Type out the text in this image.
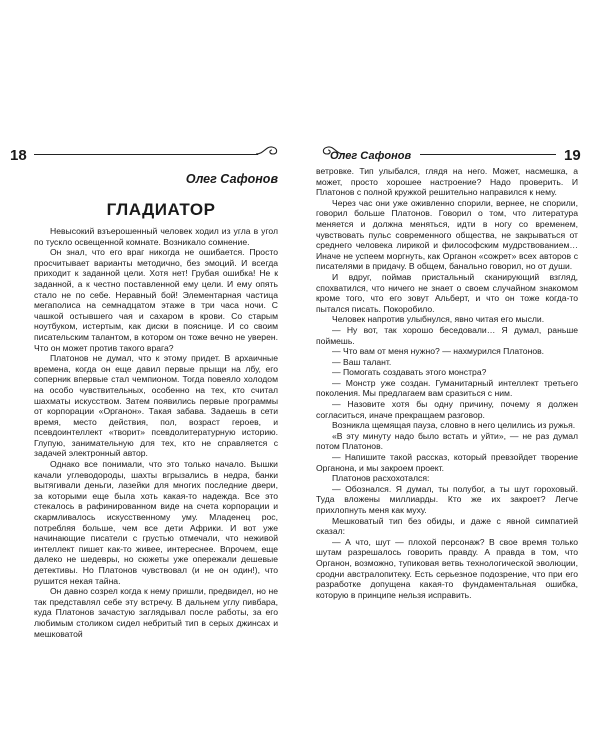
18
Олег Сафонов
ГЛАДИАТОР

Невысокий взъерошенный человек ходил из угла в угол по тускло освещенной комнате. Возникало сомнение.

Он знал, что его враг никогда не ошибается. Просто просчитывает варианты методично, без эмоций. И всегда приходит к заданной цели. Хотя нет! Грубая ошибка! Не к заданной, а к честно поставленной ему цели. И ему опять стало не по себе. Неравный бой! Элементарная частица мегаполиса на семнадцатом этаже в три часа ночи. С чашкой остывшего чая и сахаром в крови. Со старым ноутбуком, истертым, как диски в пояснице. И со своим писательским талантом, в котором он тоже вечно не уверен. Что он может против такого врага?

Платонов не думал, что к этому придет. В архаичные времена, когда он еще давил первые прыщи на лбу, его соперник впервые стал чемпионом. Тогда повеяло холодом на особо чувствительных, особенно на тех, кто считал шахматы искусством. Затем появились первые программы от корпорации «Органон». Такая забава. Задаешь в сети время, место действия, пол, возраст героев, и псевдоинтеллект «творит» псевдолитературную историю. Глупую, занимательную для тех, кто не справляется с задачей электронный автор.

Однако все понимали, что это только начало. Вышки качали углеводороды, шахты вгрызались в недра, банки вытягивали деньги, лазейки для многих последние двери, за которыми еще была хоть какая-то надежда. Все это стекалось в рафинированном виде на счета корпорации и скармливалось искусственному уму. Младенец рос, потребляя больше, чем все дети Африки. И вот уже начинающие писатели с грустью отмечали, что неживой интеллект пишет как-то живее, интереснее. Впрочем, еще далеко не шедевры, но сюжеты уже опережали дешевые детективы. Но Платонов чувствовал (и не он один!), что рушится некая тайна.

Он давно созрел когда к нему пришли, предвидел, но не так представлял себе эту встречу. В дальнем углу пивбара, куда Платонов зачастую заглядывал после работы, за его любимым столиком сидел небритый тип в серых джинсах и мешковатой

Олег Сафонов	19

ветровке. Тип улыбался, глядя на него. Может, насмешка, а может, просто хорошее настроение? Надо проверить. И Платонов с полной кружкой решительно направился к нему.

Через час они уже оживленно спорили, вернее, не спорили, говорил больше Платонов. Говорил о том, что литература меняется и должна меняться, идти в ногу со временем, чувствовать пульс современного общества, не закрываться от среднего человека лирикой и философским мудрствованием… Иначе не успеем моргнуть, как Органон «сожрет» всех авторов с писателями в придачу. В общем, банально говорил, но от души.

И вдруг, поймав пристальный сканирующий взгляд, спохватился, что ничего не знает о своем случайном знакомом кроме того, что его зовут Альберт, и что он тоже когда-то пытался писать. Покоробило.

Человек напротив улыбнулся, явно читая его мысли.

— Ну вот, так хорошо беседовали… Я думал, раньше поймешь.

— Что вам от меня нужно? — нахмурился Платонов.

— Ваш талант.

— Помогать создавать этого монстра?

— Монстр уже создан. Гуманитарный интеллект третьего поколения. Мы предлагаем вам сразиться с ним.

— Назовите хотя бы одну причину, почему я должен согласиться, иначе прекращаем разговор.

Возникла щемящая пауза, словно в него целились из ружья.

«В эту минуту надо было встать и уйти», — не раз думал потом Платонов.

— Напишите такой рассказ, который превзойдет творение Органона, и мы закроем проект.

Платонов расхохотался:

— Обознался. Я думал, ты полубог, а ты шут гороховый. Тудa вложены миллиарды. Кто же их закроет? Легче прихлопнуть меня как муху.

Мешковатый тип без обиды, и даже с явной симпатией сказал:

— А что, шут — плохой персонаж? В свое время только шутам разрешалось говорить правду. А правда в том, что Органон, возможно, тупиковая ветвь технологической эволюции, сродни австралопитеку. Есть серьезное подозрение, что при его разработке допущена какая-то фундаментальная ошибка, которую в принципе нельзя исправить.
